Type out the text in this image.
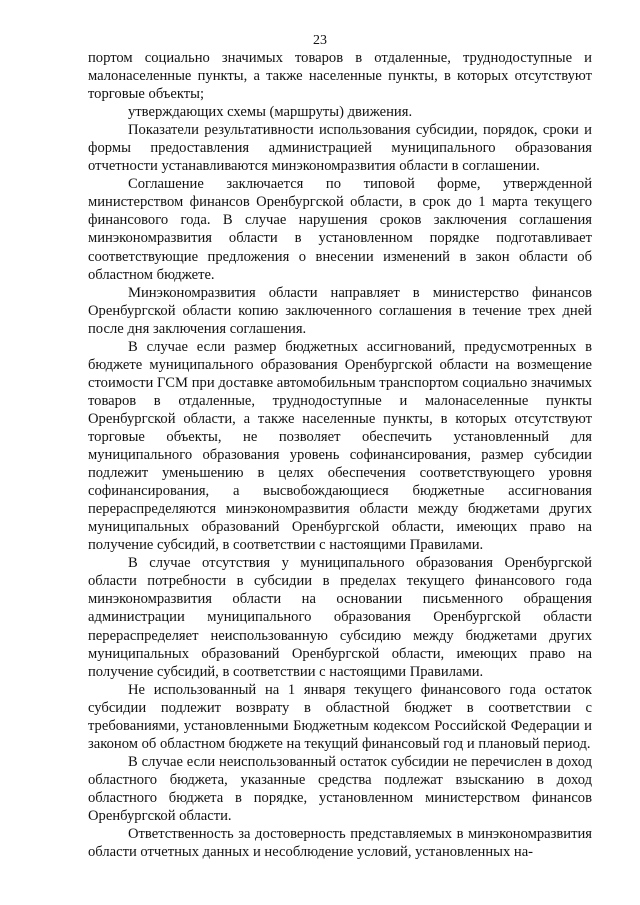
23

портом социально значимых товаров в отдаленные, труднодоступные и малонаселенные пункты, а также населенные пункты, в которых отсутствуют торговые объекты;

утверждающих схемы (маршруты) движения.

Показатели результативности использования субсидии, порядок, сроки и формы предоставления администрацией муниципального образования отчетности устанавливаются минэкономразвития области в соглашении.

Соглашение заключается по типовой форме, утвержденной министерством финансов Оренбургской области, в срок до 1 марта текущего финансового года. В случае нарушения сроков заключения соглашения минэкономразвития области в установленном порядке подготавливает соответствующие предложения о внесении изменений в закон области об областном бюджете.

Минэкономразвития области направляет в министерство финансов Оренбургской области копию заключенного соглашения в течение трех дней после дня заключения соглашения.

В случае если размер бюджетных ассигнований, предусмотренных в бюджете муниципального образования Оренбургской области на возмещение стоимости ГСМ при доставке автомобильным транспортом социально значимых товаров в отдаленные, труднодоступные и малонаселенные пункты Оренбургской области, а также населенные пункты, в которых отсутствуют торговые объекты, не позволяет обеспечить установленный для муниципального образования уровень софинансирования, размер субсидии подлежит уменьшению в целях обеспечения соответствующего уровня софинансирования, а высвобождающиеся бюджетные ассигнования перераспределяются минэкономразвития области между бюджетами других муниципальных образований Оренбургской области, имеющих право на получение субсидий, в соответствии с настоящими Правилами.

В случае отсутствия у муниципального образования Оренбургской области потребности в субсидии в пределах текущего финансового года минэкономразвития области на основании письменного обращения администрации муниципального образования Оренбургской области перераспределяет неиспользованную субсидию между бюджетами других муниципальных образований Оренбургской области, имеющих право на получение субсидий, в соответствии с настоящими Правилами.

Не использованный на 1 января текущего финансового года остаток субсидии подлежит возврату в областной бюджет в соответствии с требованиями, установленными Бюджетным кодексом Российской Федерации и законом об областном бюджете на текущий финансовый год и плановый период.

В случае если неиспользованный остаток субсидии не перечислен в доход областного бюджета, указанные средства подлежат взысканию в доход областного бюджета в порядке, установленном министерством финансов Оренбургской области.

Ответственность за достоверность представляемых в минэкономразвития области отчетных данных и несоблюдение условий, установленных на-
